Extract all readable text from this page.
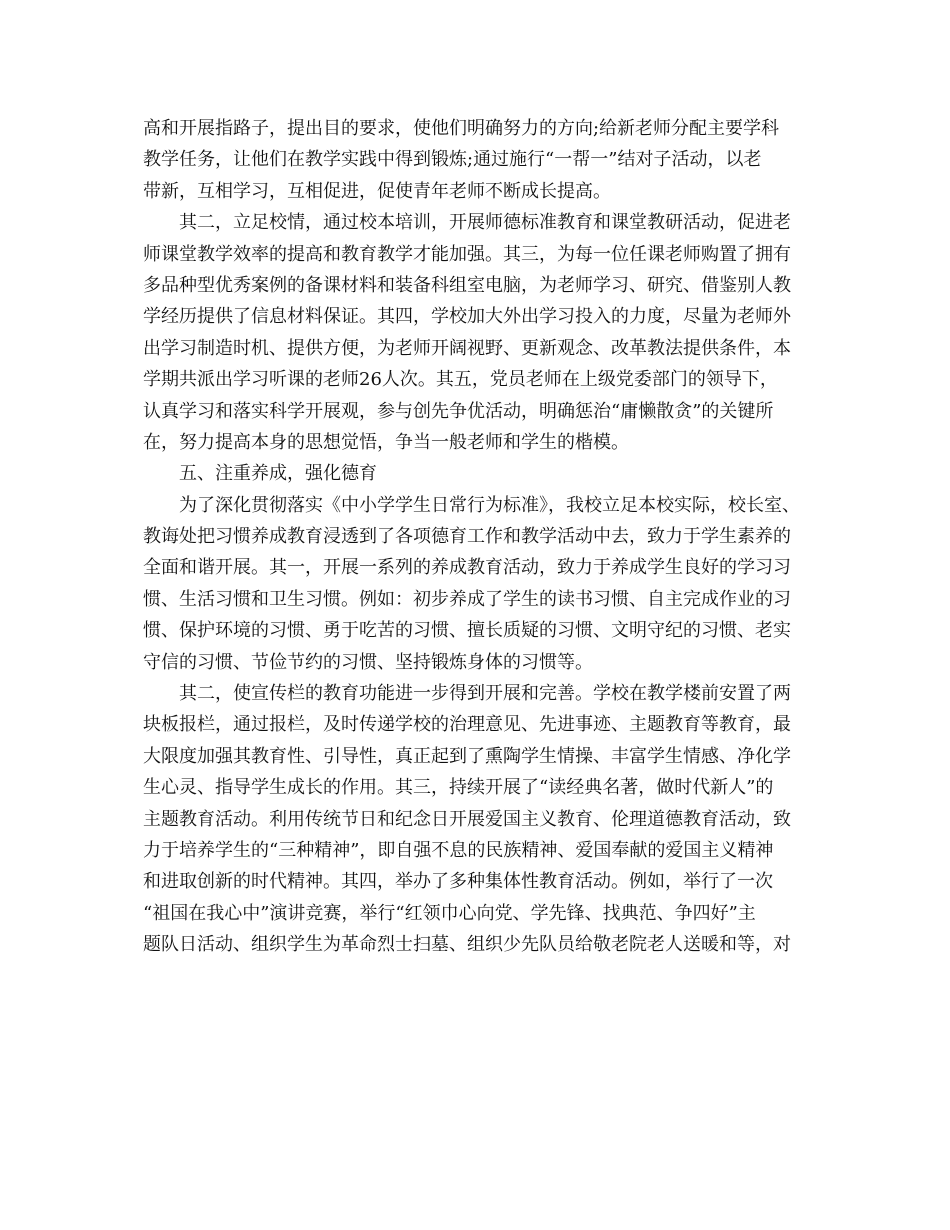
高和开展指路子，提出目的要求，使他们明确努力的方向;给新老师分配主要学科
教学任务，让他们在教学实践中得到锻炼;通过施行“一帮一”结对子活动，以老
带新，互相学习，互相促进，促使青年老师不断成长提高。
其二，立足校情，通过校本培训，开展师德标准教育和课堂教研活动，促进老
师课堂教学效率的提高和教育教学才能加强。其三，为每一位任课老师购置了拥有
多品种型优秀案例的备课材料和装备科组室电脑，为老师学习、研究、借鉴别人教
学经历提供了信息材料保证。其四，学校加大外出学习投入的力度，尽量为老师外
出学习制造时机、提供方便，为老师开阔视野、更新观念、改革教法提供条件，本
学期共派出学习听课的老师26人次。其五，党员老师在上级党委部门的领导下，
认真学习和落实科学开展观，参与创先争优活动，明确惩治“庸懒散贪”的关键所
在，努力提高本身的思想觉悟，争当一般老师和学生的楷模。
五、注重养成，强化德育
为了深化贯彻落实《中小学学生日常行为标准》，我校立足本校实际，校长室、
教诲处把习惯养成教育浸透到了各项德育工作和教学活动中去，致力于学生素养的
全面和谐开展。其一，开展一系列的养成教育活动，致力于养成学生良好的学习习
惯、生活习惯和卫生习惯。例如：初步养成了学生的读书习惯、自主完成作业的习
惯、保护环境的习惯、勇于吃苦的习惯、擅长质疑的习惯、文明守纪的习惯、老实
守信的习惯、节俭节约的习惯、坚持锻炼身体的习惯等。
其二，使宣传栏的教育功能进一步得到开展和完善。学校在教学楼前安置了两
块板报栏，通过报栏，及时传递学校的治理意见、先进事迹、主题教育等教育，最
大限度加强其教育性、引导性，真正起到了熏陶学生情操、丰富学生情感、净化学
生心灵、指导学生成长的作用。其三，持续开展了“读经典名著，做时代新人”的
主题教育活动。利用传统节日和纪念日开展爱国主义教育、伦理道德教育活动，致
力于培养学生的“三种精神”，即自强不息的民族精神、爱国奉献的爱国主义精神
和进取创新的时代精神。其四，举办了多种集体性教育活动。例如，举行了一次
“祖国在我心中”演讲竞赛，举行“红领巾心向党、学先锋、找典范、争四好”主
题队日活动、组织学生为革命烈士扫墓、组织少先队员给敬老院老人送暖和等，对
